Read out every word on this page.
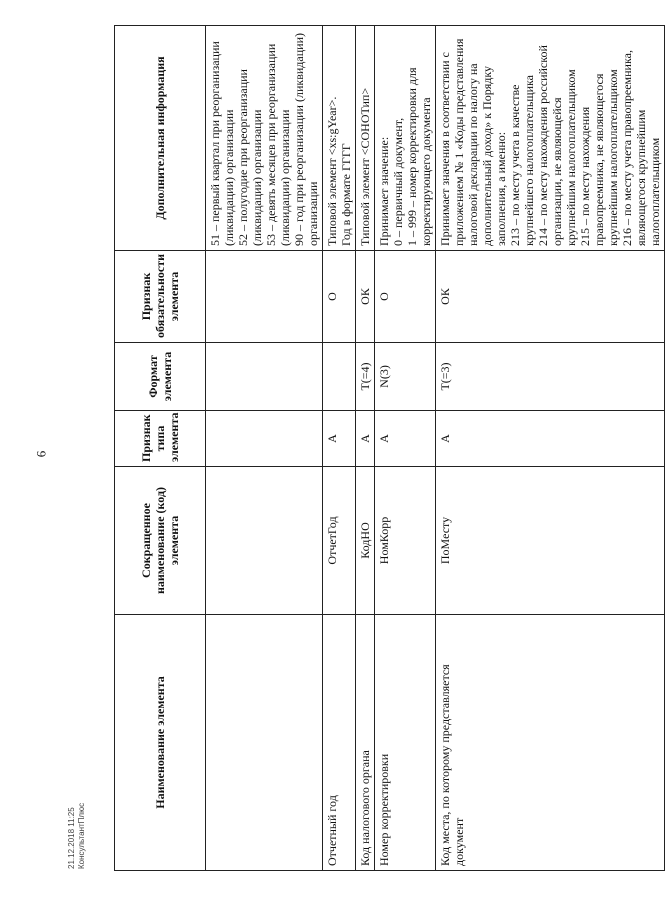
6
21.12.2018 11:25 КонсультантПлюс
Наименование элемента	Сокращенное наименование (код) элемента	Признак типа элемента	Формат элемента	Признак обязательности элемента	Дополнительная информация

					51 – первый квартал при реорганизации (ликвидации) организации 52 – полугодие при реорганизации (ликвидации) организации 53 – девять месяцев при реорганизации (ликвидации) организации 90 – год при реорганизации (ликвидации) организации

Отчетный год	ОтчетГод	А		О	Типовой элемент <xs:gYear>. Год в формате ГГГГ

Код налогового органа	КодНО	А	T(=4)	ОК	Типовой элемент <СОНОТип>

Номер корректировки	НомКорр	А	N(3)	О	Принимает значение: 0 – первичный документ, 1 – 999 – номер корректировки для корректирующего документа

Код места, по которому представляется документ	ПоМесту	А	T(=3)	ОК	Принимает значения в соответствии с приложением № 1 «Коды представления налоговой декларации по налогу на дополнительный доход» к Порядку заполнения, а именно: 213 – по месту учета в качестве крупнейшего налогоплательщика 214 – по месту нахождения российской организации, не являющейся крупнейшим налогоплательщиком 215 – по месту нахождения правопреемника, не являющегося крупнейшим налогоплательщиком 216 – по месту учета правопреемника, являющегося крупнейшим налогоплательщиком
